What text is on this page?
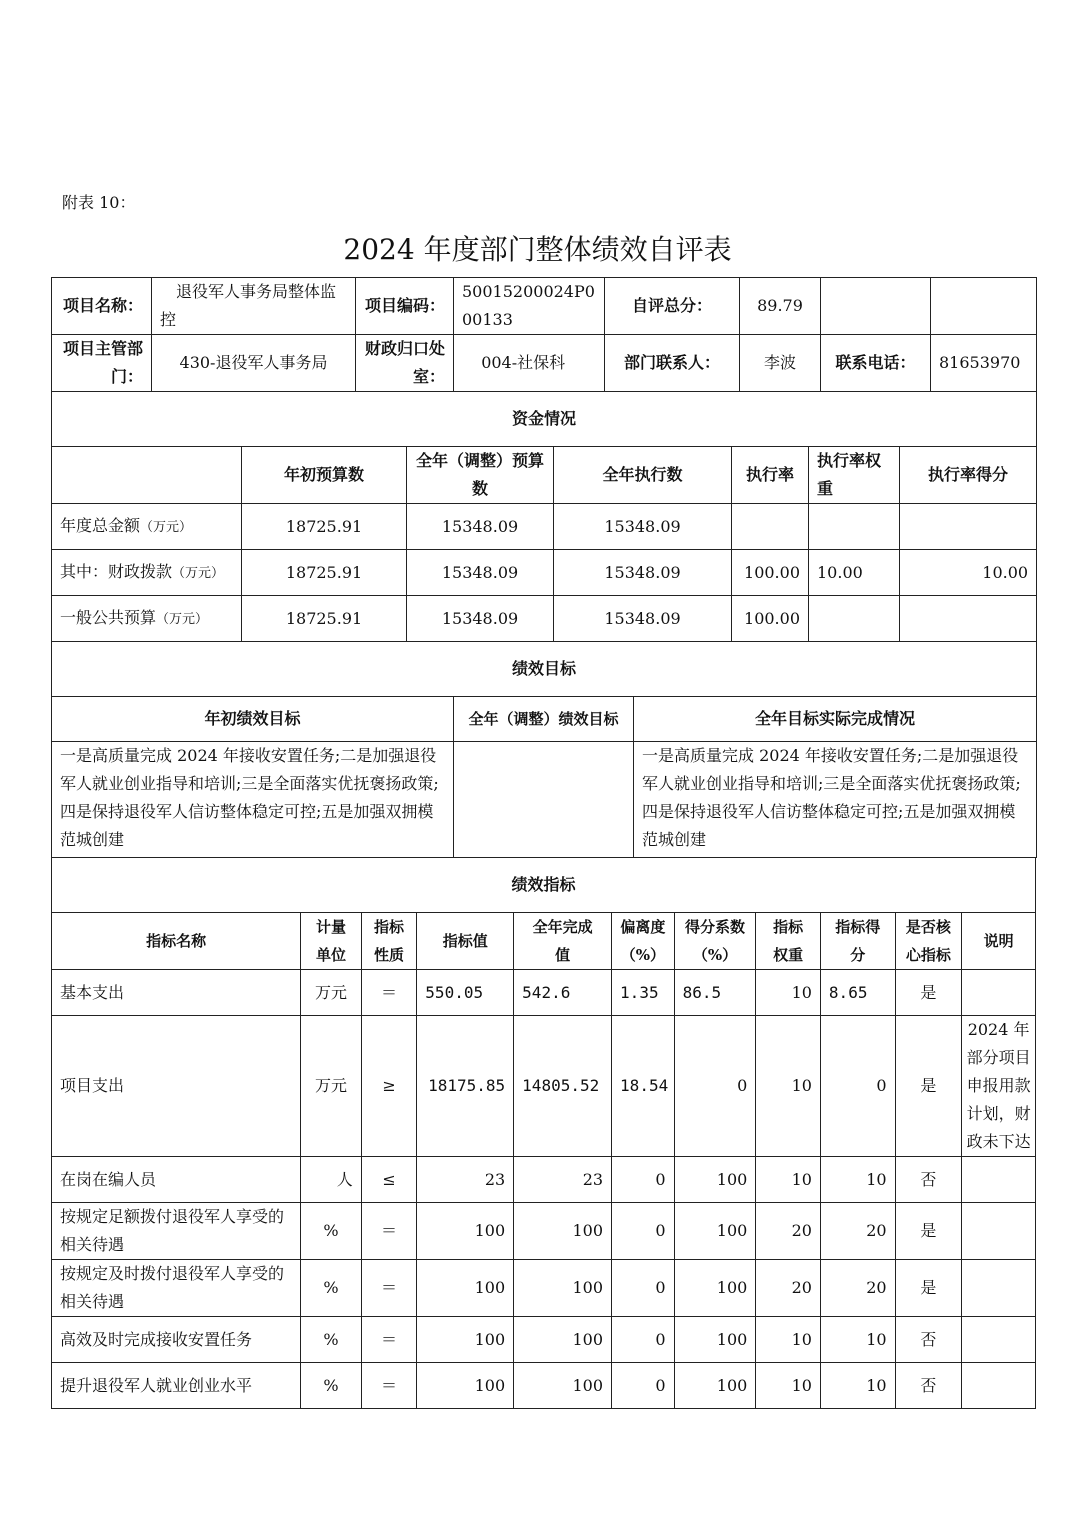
附表 10：
2024 年度部门整体绩效自评表
项目名称：	退役军人事务局整体监控	项目编码：	50015200024P000133	自评总分：	89.79		
项目主管部门：	430-退役军人事务局	财政归口处室：	004-社保科	部门联系人：	李波	联系电话：	81653970
资金情况						
	年初预算数	全年（调整）预算数	全年执行数	执行率	执行率权重	执行率得分
年度总金额（万元）	18725.91	15348.09	15348.09			
其中：财政拨款（万元）	18725.91	15348.09	15348.09	100.00	10.00	10.00
一般公共预算（万元）	18725.91	15348.09	15348.09	100.00		
绩效目标		
年初绩效目标	全年（调整）绩效目标	全年目标实际完成情况
一是高质量完成 2024 年接收安置任务;二是加强退役军人就业创业指导和培训;三是全面落实优抚褒扬政策;四是保持退役军人信访整体稳定可控;五是加强双拥模范城创建		一是高质量完成 2024 年接收安置任务;二是加强退役军人就业创业指导和培训;三是全面落实优抚褒扬政策;四是保持退役军人信访整体稳定可控;五是加强双拥模范城创建
绩效指标										
指标名称	计量单位	指标性质	指标值	全年完成值	偏离度（%）	得分系数（%）	指标权重	指标得分	是否核心指标	说明
基本支出	万元	＝	550.05	542.6	1.35	86.5	10	8.65	是	
项目支出	万元	≥	18175.85	14805.52	18.54	0	10	0	是	2024 年部分项目申报用款计划，财政未下达
在岗在编人员	人	≤	23	23	0	100	10	10	否	
按规定足额拨付退役军人享受的相关待遇	%	＝	100	100	0	100	20	20	是	
按规定及时拨付退役军人享受的相关待遇	%	＝	100	100	0	100	20	20	是	
高效及时完成接收安置任务	%	＝	100	100	0	100	10	10	否	
提升退役军人就业创业水平	%	＝	100	100	0	100	10	10	否	
